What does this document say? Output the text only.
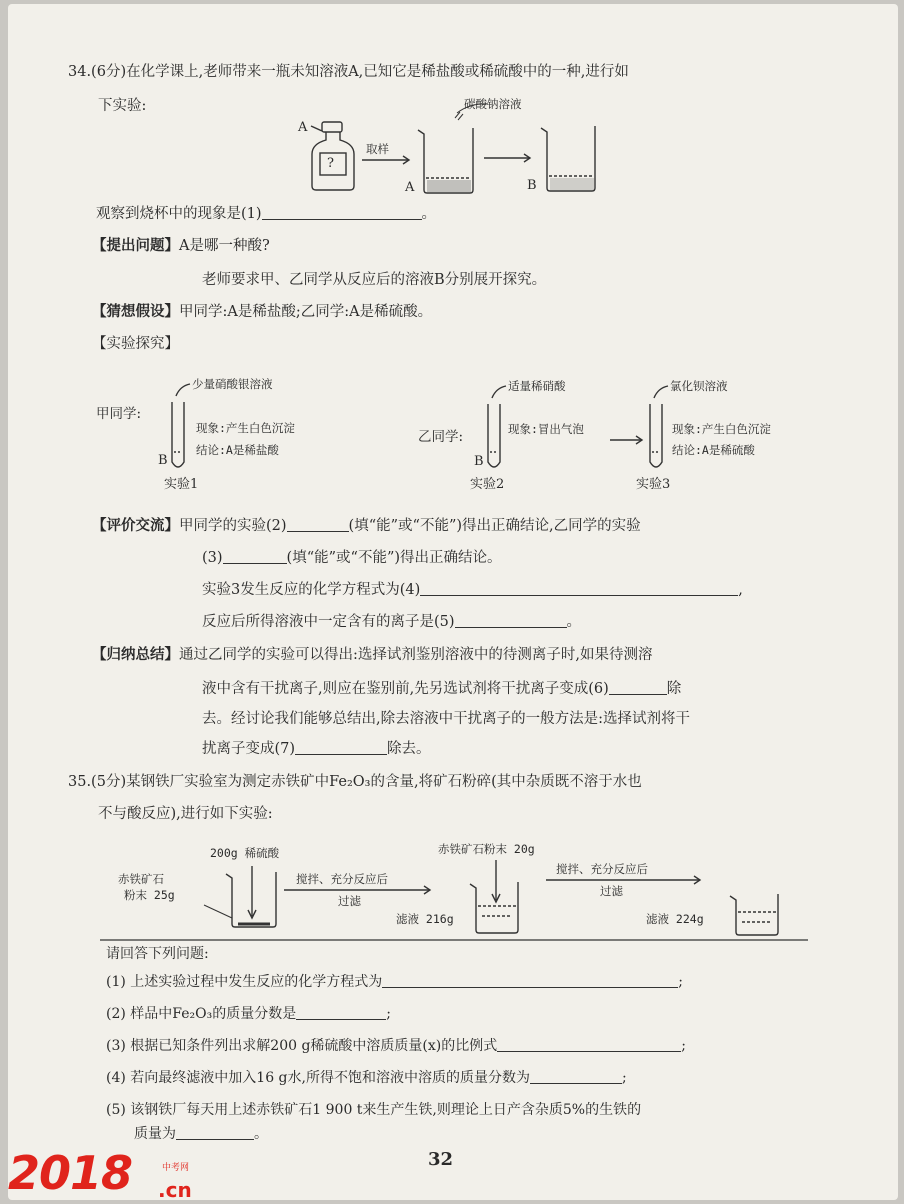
34.(6分)在化学课上,老师带来一瓶未知溶液A,已知它是稀盐酸或稀硫酸中的一种,进行如
下实验:
A
?
取样
碳酸钠溶液
A	B
观察到烧杯中的现象是(1)	。
【提出问题】A是哪一种酸?
老师要求甲、乙同学从反应后的溶液B分别展开探究。
【猜想假设】甲同学:A是稀盐酸;乙同学:A是稀硫酸。
【实验探究】
少量硝酸银溶液
甲同学:
现象:产生白色沉淀
结论:A是稀盐酸
B
实验1
适量稀硝酸
乙同学:	现象:冒出气泡
B
实验2
氯化钡溶液
现象:产生白色沉淀
结论:A是稀硫酸
实验3
【评价交流】甲同学的实验(2)	(填“能”或“不能”)得出正确结论,乙同学的实验
(3)	(填“能”或“不能”)得出正确结论。
实验3发生反应的化学方程式为(4)	,
反应后所得溶液中一定含有的离子是(5)	。
【归纳总结】通过乙同学的实验可以得出:选择试剂鉴别溶液中的待测离子时,如果待测溶
液中含有干扰离子,则应在鉴别前,先另选试剂将干扰离子变成(6)	除
去。经讨论我们能够总结出,除去溶液中干扰离子的一般方法是:选择试剂将干
扰离子变成(7)	除去。
35.(5分)某钢铁厂实验室为测定赤铁矿中Fe₂O₃的含量,将矿石粉碎(其中杂质既不溶于水也
不与酸反应),进行如下实验:
200g 稀硫酸
赤铁矿石
粉末 25g
搅拌、充分反应后
过滤
滤液 216g
赤铁矿石粉末 20g
搅拌、充分反应后
过滤
滤液 224g
请回答下列问题:
(1) 上述实验过程中发生反应的化学方程式为	;
(2) 样品中Fe₂O₃的质量分数是	;
(3) 根据已知条件列出求解200 g稀硫酸中溶质质量(x)的比例式	;
(4) 若向最终滤液中加入16 g水,所得不饱和溶液中溶质的质量分数为	;
(5) 该钢铁厂每天用上述赤铁矿石1 900 t来生产生铁,则理论上日产含杂质5%的生铁的
质量为	。
32
2018	中考网
.cn
